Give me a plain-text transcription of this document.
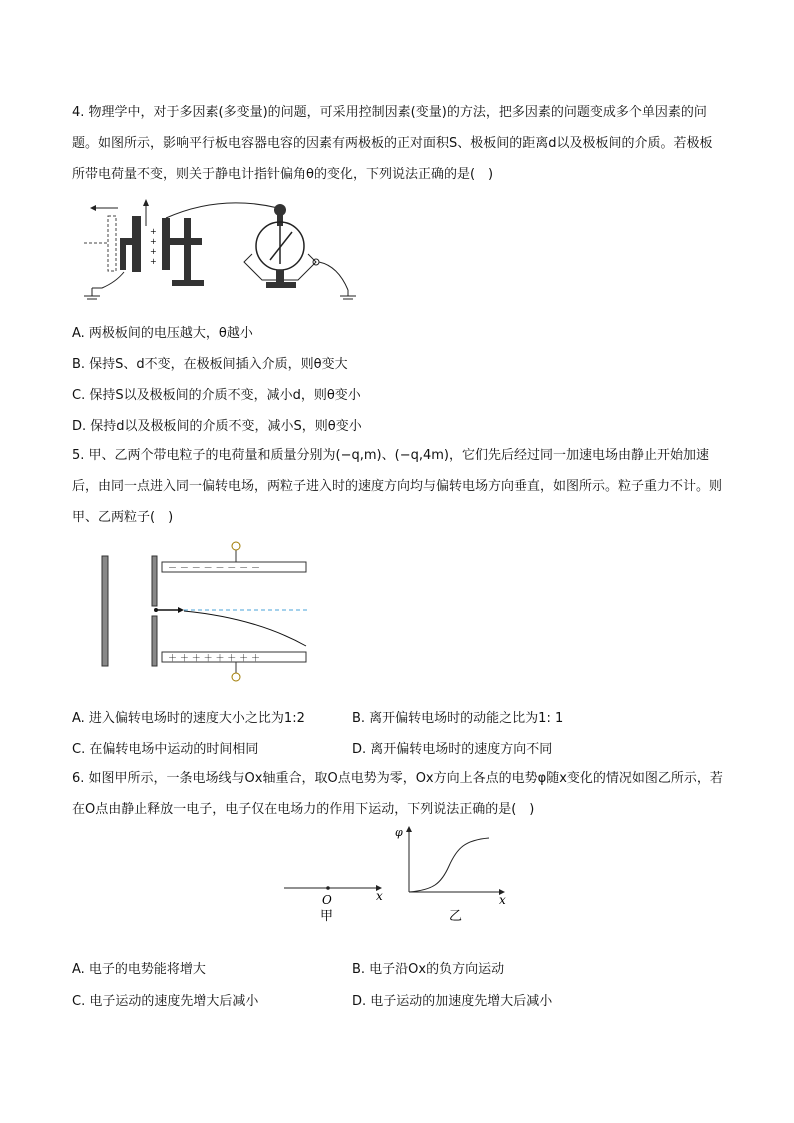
4. 物理学中，对于多因素(多变量)的问题，可采用控制因素(变量)的方法，把多因素的问题变成多个单因素的问题。如图所示，影响平行板电容器电容的因素有两极板的正对面积S、极板间的距离d以及极板间的介质。若极板所带电荷量不变，则关于静电计指针偏角θ的变化，下列说法正确的是(　)
+
+
+
+
A. 两极板间的电压越大，θ越小
B. 保持S、d不变，在极板间插入介质，则θ变大
C. 保持S以及极板间的介质不变，减小d，则θ变小
D. 保持d以及极板间的介质不变，减小S，则θ变小
5. 甲、乙两个带电粒子的电荷量和质量分别为(−q,m)、(−q,4m)，它们先后经过同一加速电场由静止开始加速后，由同一点进入同一偏转电场，两粒子进入时的速度方向均与偏转电场方向垂直，如图所示。粒子重力不计。则甲、乙两粒子(　)
－ － － － － － － －
＋ ＋ ＋ ＋ ＋ ＋ ＋ ＋
A. 进入偏转电场时的速度大小之比为1:2	B. 离开偏转电场时的动能之比为1: 1
C. 在偏转电场中运动的时间相同	D. 离开偏转电场时的速度方向不同
6. 如图甲所示，一条电场线与Ox轴重合，取O点电势为零，Ox方向上各点的电势φ随x变化的情况如图乙所示，若在O点由静止释放一电子，电子仅在电场力的作用下运动，下列说法正确的是(　)
O	x
甲
φ
x
乙
A. 电子的电势能将增大	B. 电子沿Ox的负方向运动
C. 电子运动的速度先增大后减小	D. 电子运动的加速度先增大后减小
